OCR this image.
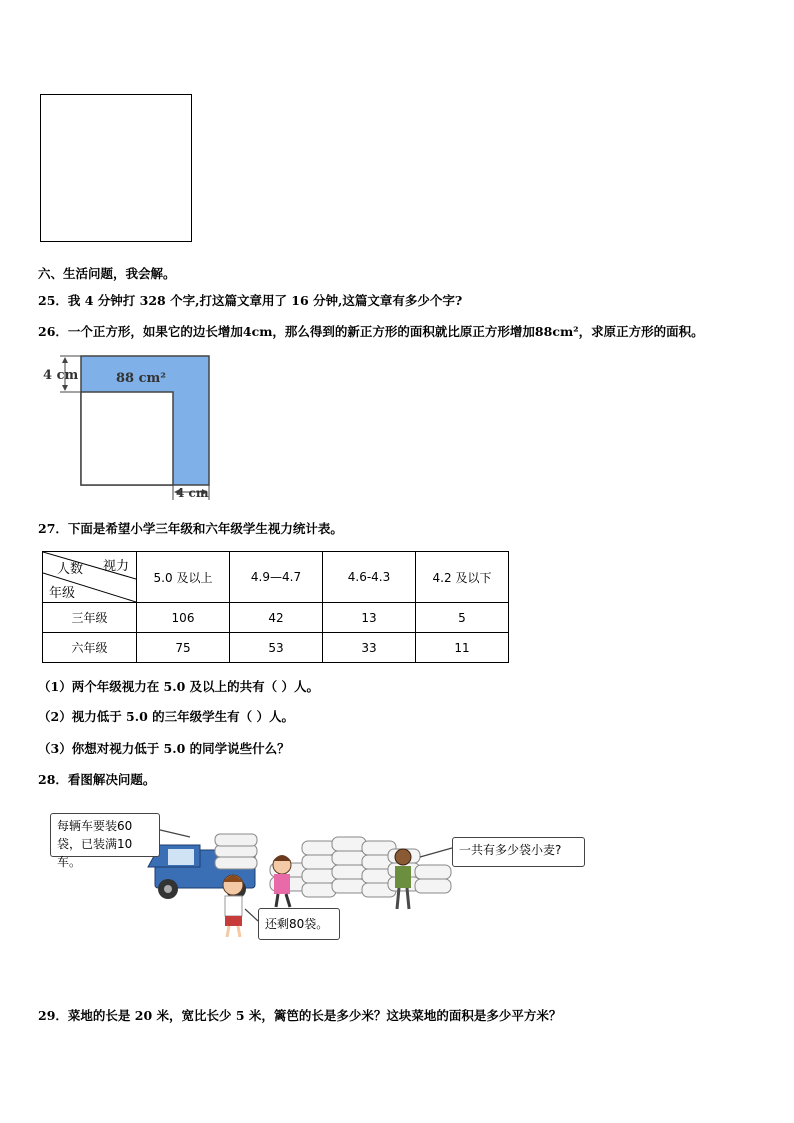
六、生活问题，我会解。
25．我 4 分钟打 328 个字,打这篇文章用了 16 分钟,这篇文章有多少个字?
26．一个正方形，如果它的边长增加4cm，那么得到的新正方形的面积就比原正方形增加88cm²，求原正方形的面积。
88 cm²
4 cm
4 cm
27．下面是希望小学三年级和六年级学生视力统计表。
视力
人数
年级	5.0 及以上	4.9—4.7	4.6-4.3	4.2 及以下
三年级	106	42	13	5
六年级	75	53	33	11
（1）两个年级视力在 5.0 及以上的共有（ ）人。
（2）视力低于 5.0 的三年级学生有（ ）人。
（3）你想对视力低于 5.0 的同学说些什么？
28．看图解决问题。
每辆车要装60袋，已装满10车。
一共有多少袋小麦?
还剩80袋。
29．菜地的长是 20 米，宽比长少 5 米，篱笆的长是多少米？这块菜地的面积是多少平方米？
